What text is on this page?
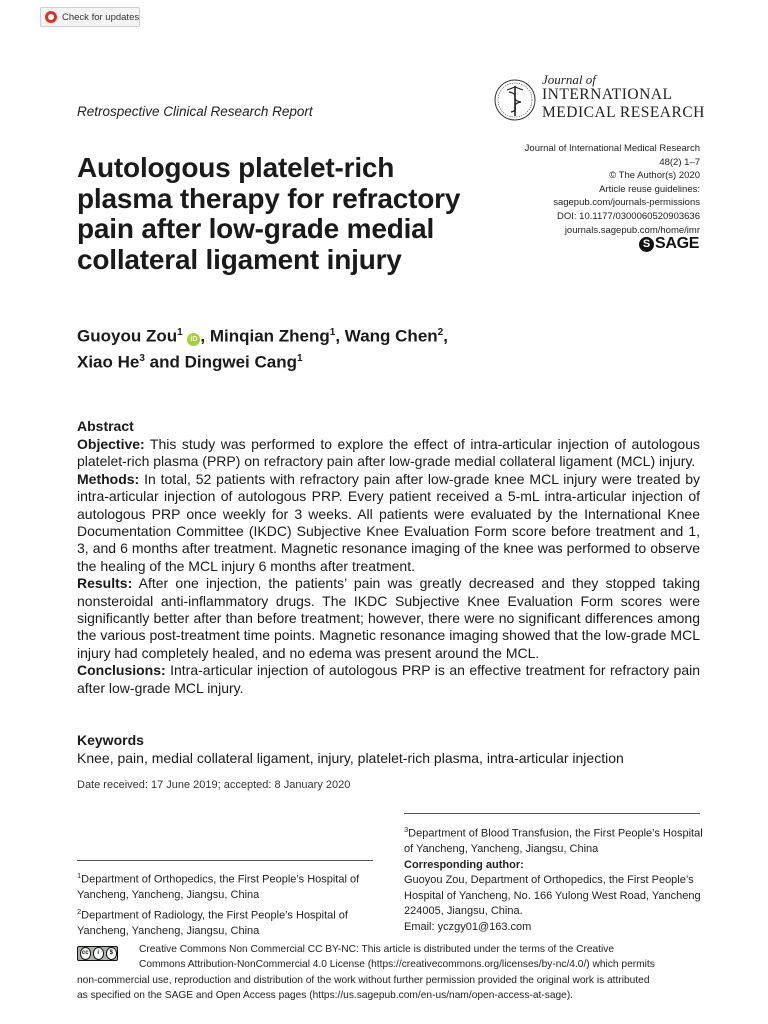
Check for updates
Retrospective Clinical Research Report
Journal of
INTERNATIONAL
MEDICAL RESEARCH
Journal of International Medical Research
48(2) 1–7
© The Author(s) 2020
Article reuse guidelines:
sagepub.com/journals-permissions
DOI: 10.1177/0300060520903636
journals.sagepub.com/home/imr
S SAGE
Autologous platelet-rich plasma therapy for refractory pain after low-grade medial collateral ligament injury
Guoyou Zou$^1$ iD , Minqian Zheng$^1$, Wang Chen$^2$,
Xiao He$^3$ and Dingwei Cang$^1$
Abstract

Objective: This study was performed to explore the effect of intra-articular injection of autologous platelet-rich plasma (PRP) on refractory pain after low-grade medial collateral ligament (MCL) injury.

Methods: In total, 52 patients with refractory pain after low-grade knee MCL injury were treated by intra-articular injection of autologous PRP. Every patient received a 5-mL intra-articular injection of autologous PRP once weekly for 3 weeks. All patients were evaluated by the International Knee Documentation Committee (IKDC) Subjective Knee Evaluation Form score before treatment and 1, 3, and 6 months after treatment. Magnetic resonance imaging of the knee was performed to observe the healing of the MCL injury 6 months after treatment.

Results: After one injection, the patients’ pain was greatly decreased and they stopped taking nonsteroidal anti-inflammatory drugs. The IKDC Subjective Knee Evaluation Form scores were significantly better after than before treatment; however, there were no significant differences among the various post-treatment time points. Magnetic resonance imaging showed that the low-grade MCL injury had completely healed, and no edema was present around the MCL.

Conclusions: Intra-articular injection of autologous PRP is an effective treatment for refractory pain after low-grade MCL injury.

Keywords
Knee, pain, medial collateral ligament, injury, platelet-rich plasma, intra-articular injection
Date received: 17 June 2019; accepted: 8 January 2020
$^3$Department of Blood Transfusion, the First People’s Hospital of Yancheng, Yancheng, Jiangsu, China
Corresponding author:
Guoyou Zou, Department of Orthopedics, the First People’s Hospital of Yancheng, No. 166 Yulong West Road, Yancheng 224005, Jiangsu, China.
Email: yczgy01@163.com
$^1$Department of Orthopedics, the First People’s Hospital of Yancheng, Yancheng, Jiangsu, China
$^2$Department of Radiology, the First People’s Hospital of Yancheng, Yancheng, Jiangsu, China
cc	i	$	Creative Commons Non Commercial CC BY-NC: This article is distributed under the terms of the Creative
Commons Attribution-NonCommercial 4.0 License (https://creativecommons.org/licenses/by-nc/4.0/) which permits
non-commercial use, reproduction and distribution of the work without further permission provided the original work is attributed
as specified on the SAGE and Open Access pages (https://us.sagepub.com/en-us/nam/open-access-at-sage).
